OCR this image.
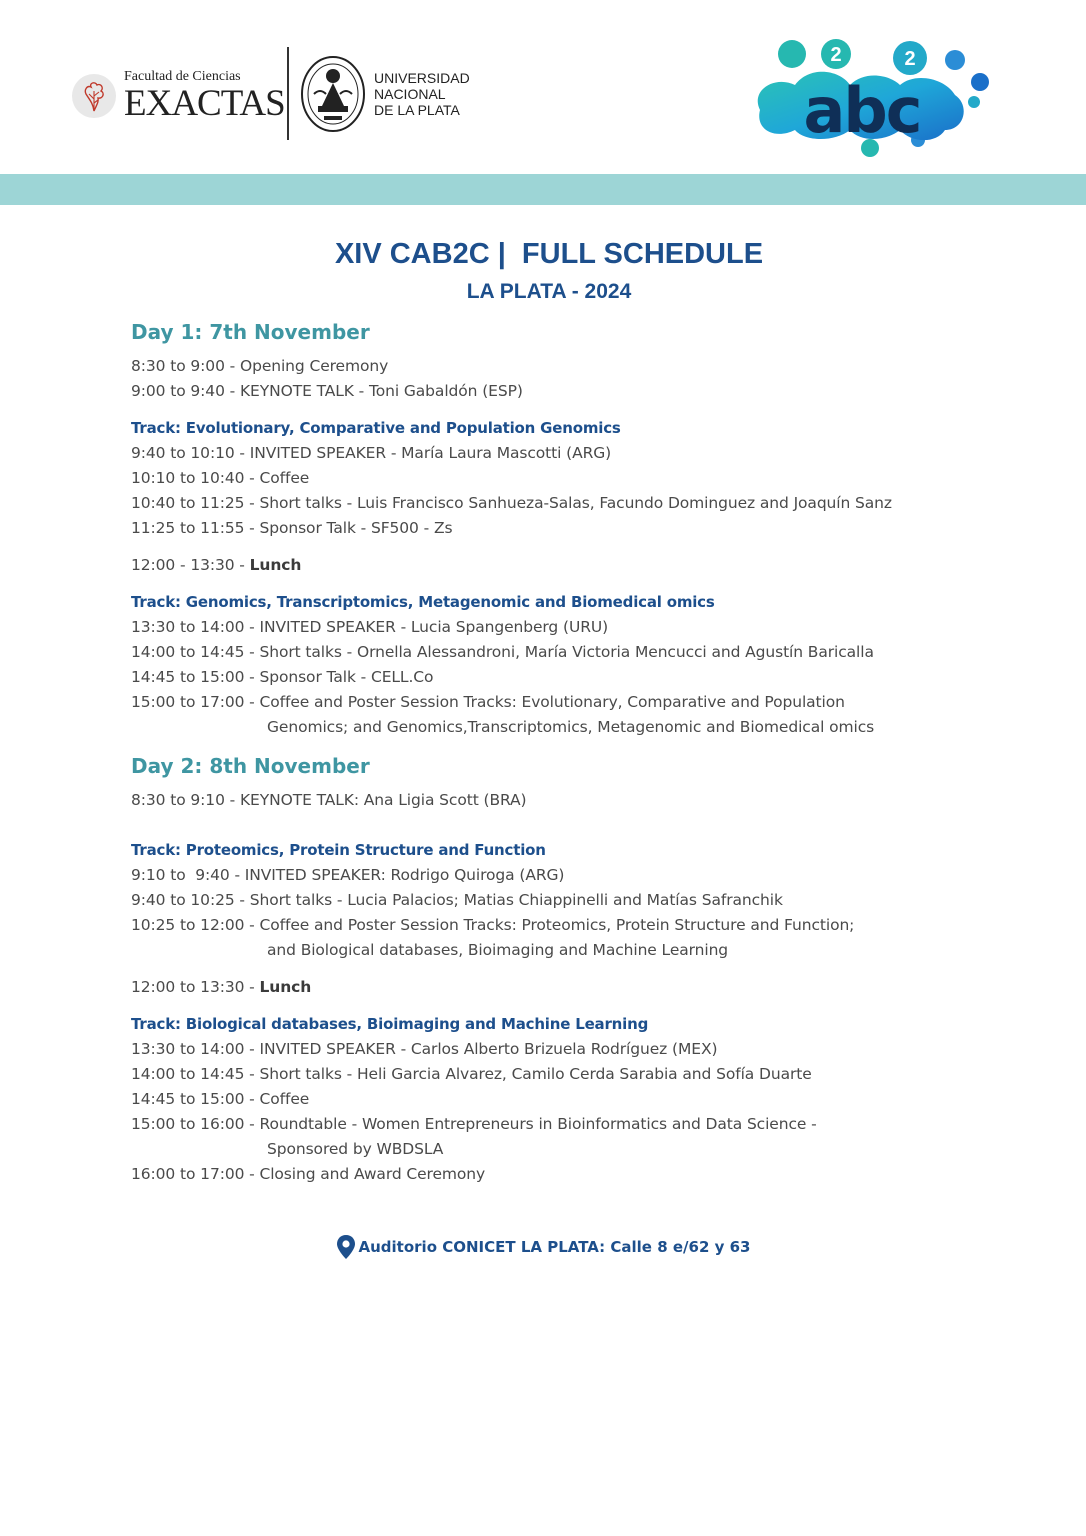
Facultad de Ciencias
EXACTAS
UNIVERSIDAD
NACIONAL
DE LA PLATA
2	2
abc
XIV CAB2C |  FULL SCHEDULE
LA PLATA - 2024
Day 1: 7th November
8:30 to 9:00 - Opening Ceremony
9:00 to 9:40 - KEYNOTE TALK - Toni Gabaldón (ESP)
Track: Evolutionary, Comparative and Population Genomics
9:40 to 10:10 - INVITED SPEAKER - María Laura Mascotti (ARG)
10:10 to 10:40 - Coffee
10:40 to 11:25 - Short talks - Luis Francisco Sanhueza-Salas, Facundo Dominguez and Joaquín Sanz
11:25 to 11:55 - Sponsor Talk - SF500 - Zs
12:00 - 13:30 - Lunch
Track: Genomics, Transcriptomics, Metagenomic and Biomedical omics
13:30 to 14:00 - INVITED SPEAKER - Lucia Spangenberg (URU)
14:00 to 14:45 - Short talks - Ornella Alessandroni, María Victoria Mencucci and Agustín Baricalla
14:45 to 15:00 - Sponsor Talk - CELL.Co
15:00 to 17:00 - Coffee and Poster Session Tracks: Evolutionary, Comparative and Population
Genomics; and Genomics,Transcriptomics, Metagenomic and Biomedical omics
Day 2: 8th November
8:30 to 9:10 - KEYNOTE TALK: Ana Ligia Scott (BRA)
Track: Proteomics, Protein Structure and Function
9:10 to  9:40 - INVITED SPEAKER: Rodrigo Quiroga (ARG)
9:40 to 10:25 - Short talks - Lucia Palacios; Matias Chiappinelli and Matías Safranchik
10:25 to 12:00 - Coffee and Poster Session Tracks: Proteomics, Protein Structure and Function;
and Biological databases, Bioimaging and Machine Learning
12:00 to 13:30 - Lunch
Track: Biological databases, Bioimaging and Machine Learning
13:30 to 14:00 - INVITED SPEAKER - Carlos Alberto Brizuela Rodríguez (MEX)
14:00 to 14:45 - Short talks - Heli Garcia Alvarez, Camilo Cerda Sarabia and Sofía Duarte
14:45 to 15:00 - Coffee
15:00 to 16:00 - Roundtable - Women Entrepreneurs in Bioinformatics and Data Science -
Sponsored by WBDSLA
16:00 to 17:00 - Closing and Award Ceremony
Auditorio CONICET LA PLATA: Calle 8 e/62 y 63
